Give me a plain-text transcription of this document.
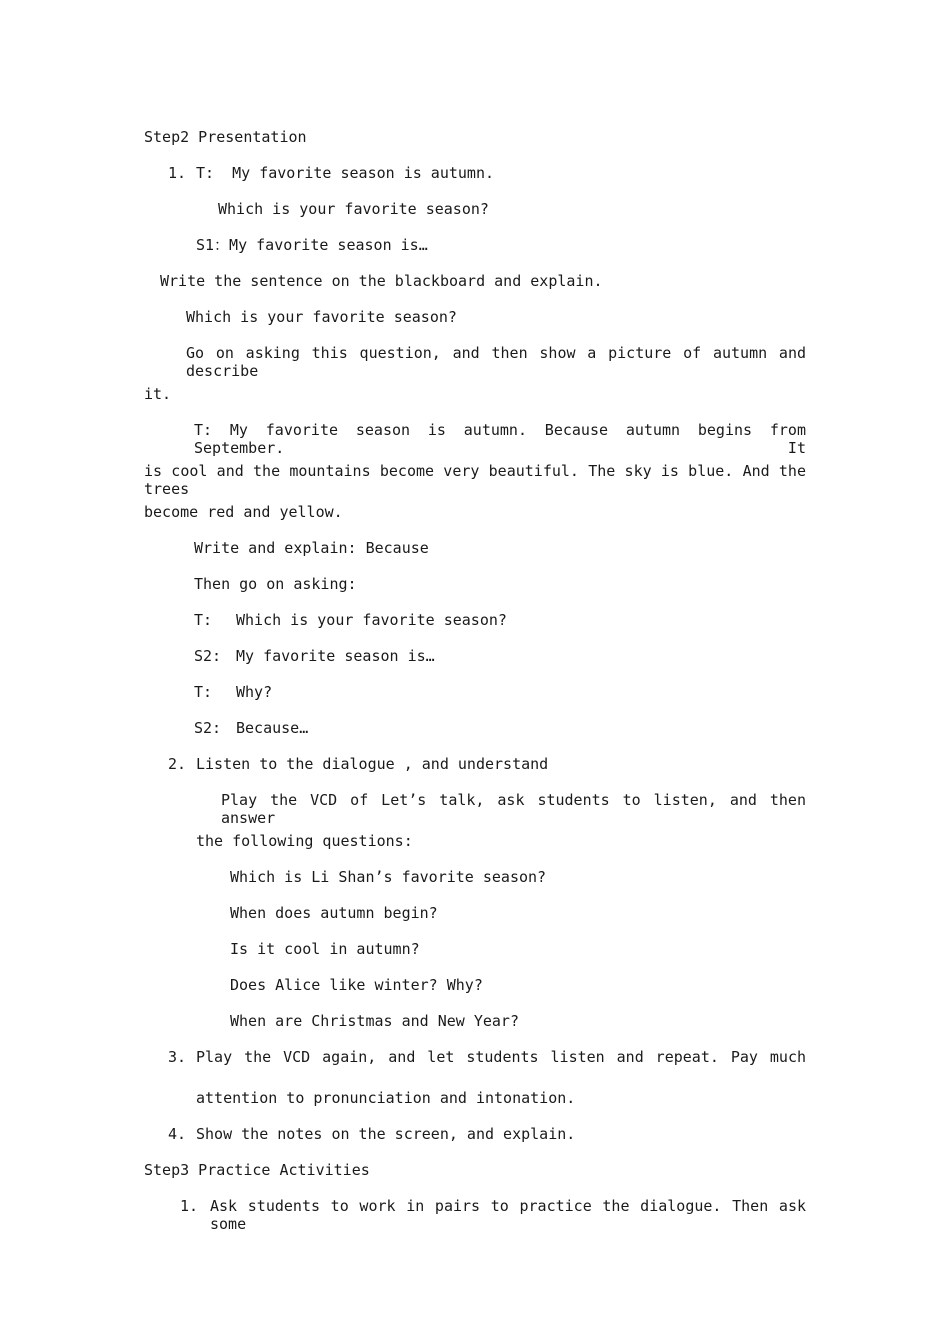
Step2 Presentation
1. T:  My favorite season is autumn.
Which is your favorite season?
S1：My favorite season is…
Write the sentence on the blackboard and explain.
Which is your favorite season?
Go on asking this question, and then show a picture of autumn and describe
it.
T: My favorite season is autumn. Because autumn begins from September. It
is cool and the mountains become very beautiful. The sky is blue. And the trees
become red and yellow.
Write and explain: Because
Then go on asking:
T: Which is your favorite season?
S2: My favorite season is…
T: Why?
S2: Because…
2. Listen to the dialogue , and understand
Play the VCD of Let’s talk, ask students to listen, and then answer
the following questions:
Which is Li Shan’s favorite season?
When does autumn begin?
Is it cool in autumn?
Does Alice like winter? Why?
When are Christmas and New Year?
3. Play the VCD again, and let students listen and repeat. Pay much
attention to pronunciation and intonation.
4. Show the notes on the screen, and explain.
Step3 Practice Activities
1. Ask students to work in pairs to practice the dialogue. Then ask some
